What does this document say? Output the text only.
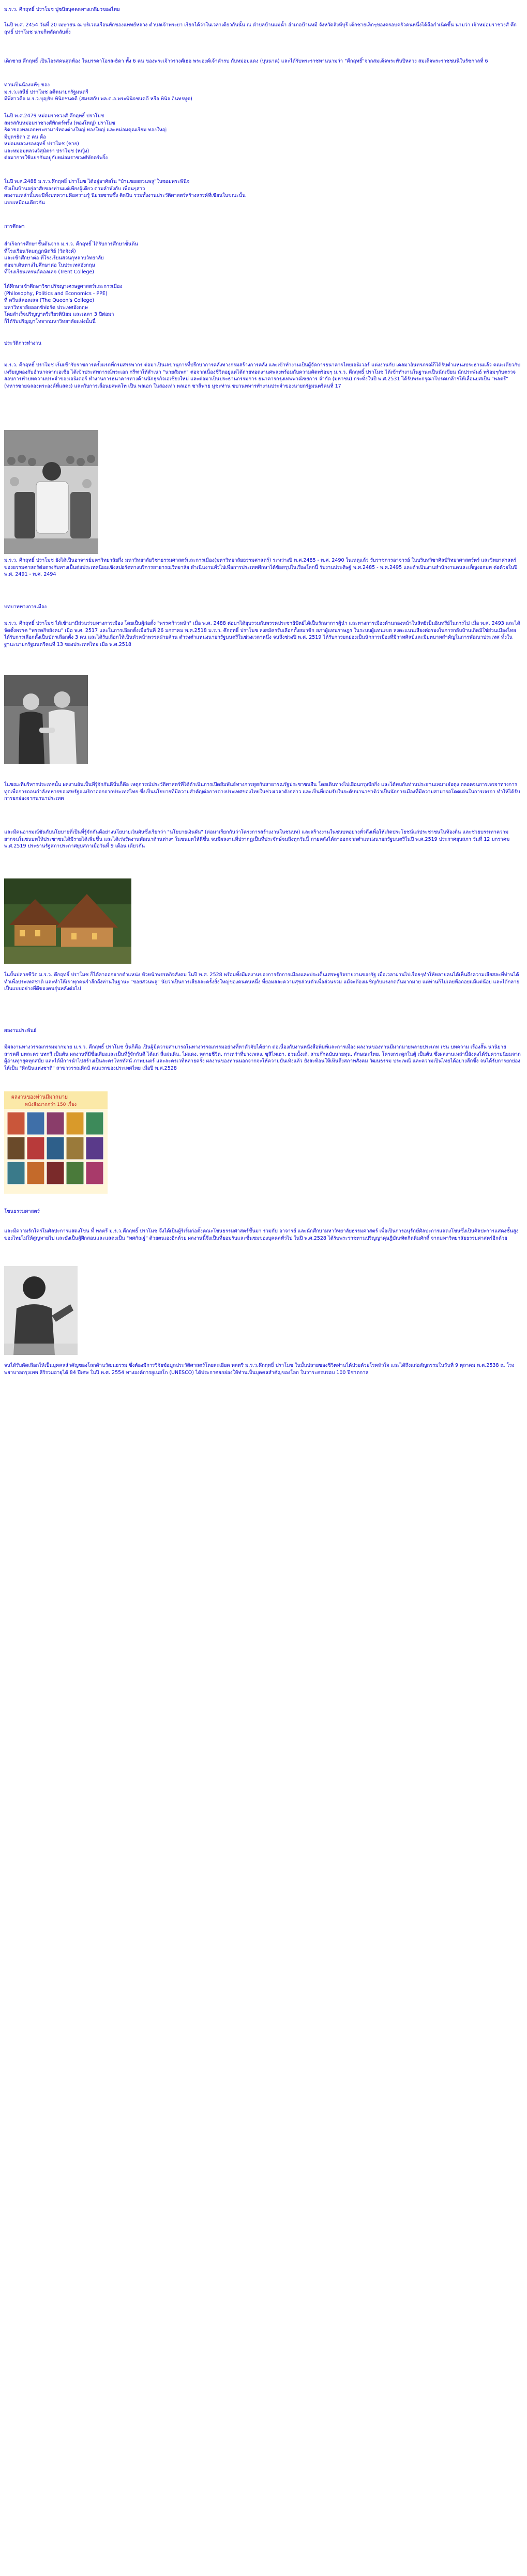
ม.ร.ว. คึกฤทธิ์ ปราโมช ปูชนียบุคคลทางเกลียวของไทย

ในปี พ.ศ. 2454 วันที่ 20 เมษายน ณ บริเวณเรือนพักของแพทย์หลวง ตำบลเจ้าพระยา เรียกได้ว่าในเวลาเดียวกันนั้น ณ ตำบลบ้านแม่น้ำ อำเภอบ้านหมี จังหวัดสิงห์บุรี เด็กชายเล็กๆของครอบครัวคนหนึ่งได้ถือกำเนิดขึ้น นามว่า เจ้าหม่อมราชวงศ์ คึกฤทธิ์ ปราโมช นามก็พลัดกลับตั้ง

เด็กชาย คึกฤทธิ์ เป็นโอรสคนสุดท้อง ในบรรดาโอรส-ธิดา ทั้ง 6 คน ของพระเจ้าวรวงศ์เธอ พระองค์เจ้าคำรบ กับหม่อมแดง (บุนนาค) และได้รับพระราชทานนามว่า "คึกฤทธิ์"จากสมเด็จพระพันปีหลวง สมเด็จพระราชชนนีในรัชกาลที่ 6

ทานเป็นน้องแท้ๆ ของ
ม.ร.ว.เสนีย์ ปราโมช อดีตนายกรัฐมนตรี
มีพี่สาวคือ ม.ร.ว.บุญรับ พินิจชนคดี (สมรสกับ พล.ต.อ.พระพินิจชนคดี หรือ พินิจ อินทรทูต)
ในปี พ.ศ.2479 หม่อมราชวงศ์ คึกฤทธิ์ ปราโมช
สมรสกับหม่อมราชวงศ์พักตร์พริ้ง (ทองใหญ่) ปราโมช
ธิดาของพลเอกพระยามาร์ทองต่างใหญ่ ทองใหญ่ และหม่อมคุณเรียม ทองใหญ่
มีบุตรธิดา 2 คน คือ
หม่อมหลวงรองฤทธิ์ ปราโมช (ชาย)
และหม่อมหลวงวิสุมิตรา ปราโมช (หญิง)
ต่อมาการใช้แยกกันอยู่กับหม่อมราชวงศ์พักตร์พริ้ง
ในปี พ.ศ.2488 ม.ร.ว.คึกฤทธิ์ ปราโมช ได้อยู่อาศัยใน "บ้านซอยสวนพลู"ในซอยพระพินิจ
ซึ่งเป็นบ้านอยู่อาศัยของท่านแต่เพียงผู้เดียว ตามลำพังกับ เพื่อนๆสาว
ผลงานเหล่านั้นจะมีทั้งบทความคือความรู้ นิยายซาบซึ้ง ศิลปิน รวมทั้งงานประวัติศาสตร์สร้างสรรค์ที่เขียนในขณะนั้น
แบบเหมือนเดียวกัน

การศึกษา

สำเร็จการศึกษาชั้นต้นจาก ม.ร.ว. คึกฤทธิ์ ได้รับการศึกษาชั้นต้น
ที่โรงเรียนวัดมกุฎกษัตริย์ (วัดจังค์)
และเข้าศึกษาต่อ ที่โรงเรียนสวนกุหลาบวิทยาลัย
ต่อมาเดินทางไปศึกษาต่อ ในประเทศอังกฤษ
ที่โรงเรียนเทรนต์คอลเลจ (Trent College)
ได้ศึกษาเข้าศึกษาวิชาปรัชญาเศรษฐศาสตร์และการเมือง
(Philosophy, Politics and Economics - PPE)
ที่ ควีนส์คอลเลจ (The Queen's College)
มหาวิทยาลัยออกซ์ฟอร์ด ประเทศอังกฤษ
โดยสำเร็จปริญญาตรีเกียรตินิยม และเฉลา 3 ปีต่อมา
ก็ได้รับปริญญาโทจากมหาวิทยาลัยแห่งนั้นนี้

ประวัติการทำงาน

ม.ร.ว. คึกฤทธิ์ ปราโมช เริ่มเข้ารับราชการครั้งแรกที่กรมสรรพากร ต่อมาเป็นเลขานุการที่ปรึกษาการคลังทางกรมสร้างการคลัง และเข้าทำงานเป็นผู้จัดการธนาคารไทยเอนิเวอร์ แต่งงานกับ เดลมาอินทรภรณ์ก็ได้รับตำแหน่งประธานแล้ว คณะเดียวกับเหรียญทองกับอำนาจจากเอเชีย ได้เข้าประสพการณ์พระเอก กรีฑาให้สำเนา "นายสัมพก" ต่อจากเนื่องชีวิตอยู่แต่ได้ถ่ายทอดงานศพลงพร้อมกับความคิดพร้อมๆ ม.ร.ว. คึกฤทธิ์ ปราโมช ได้เข้าทำงานในฐานะเป็นนักเขียน นักประพันธ์ พร้อมๆกับตรวจสอบการทำบทความประจำของเอนิเดอร์ ทำงานการธนาคารทางด้านนักธุรกิจเอเชียงใหม่ และต่อมาเป็นประธานกรรมการ ธนาคารกรุงเทพพาณิชยการ จำกัด (มหาชน) กระทั่งในปี พ.ศ.2531 ได้รับพระกรุณาโปรดเกล้าฯให้เลื่อนยศเป็น "พลตรี"(ทหารชายฉลองพระองค์ที่แสดง) และกับการเลื่อนยศพลโท เป็น พลเอก ในสองเท่า พลเอก ซาลีฟาย มูชะท่าน ขบวนทหารทำงานประจำของนายกรัฐมนตรีคนที่ 17

ม.ร.ว. คึกฤทธิ์ ปราโมช ยังได้เป็นอาจารย์มหาวิทยาลัยกึ่ง มหาวิทยาลัยวิชาธรรมศาสตร์และการเมือง(มหาวิทยาลัยธรรมศาสตร์) ระหว่างปี พ.ศ.2485 - พ.ศ. 2490 ในเหตุแล้ว รับราชการอาจารย์ ในบริบทวิชาศิลป์วิทยาศาสตร์ตร์ และวิทยาศาสตร์ของธรรมศาสตร์ต่อตรงกับทางเป็นต่อประเทศนิยมเชิงสปอร์ตทางบริการสาธารณวิทยาลัย ดำเนินงานทั่วไปเพื่อการประเทศศึกษาได้ข้อสรุปในเรื่องโลกนี้ รับงานประดิษฐ์ พ.ศ.2485 - พ.ศ.2495 และดำเนินงานสำนักงานคนละเพ็ญงอกบท ต่อด้วยในปี พ.ศ. 2491 - พ.ศ. 2494

บทบาททางการเมือง

ม.ร.ว. คึกฤทธิ์ ปราโมช ได้เข้ามามีส่วนร่วมทางการเมือง โดยเป็นผู้ก่อตั้ง "พรรคก้าวหน้า" เมื่อ พ.ศ. 2488 ต่อมาได้ยุบรวมกับพรรคประชาธิปัตย์ได้เป็นรักษาการผู้นำ และทางการเมืองด้านกองหน้าในสิทธิเป็นอินทรีย์ในการไป เมื่อ พ.ศ. 2493 และได้จัดตั้งพรรค "พรรคกิจสังคม" เมื่อ พ.ศ. 2517 และในการเลือกตั้งเมื่อวันที่ 26 มกราคม พ.ศ.2518 ม.ร.ว. คึกฤทธิ์ ปราโมช ลงสมัครรับเลือกตั้งสมาชิก สภาผู้แทนราษฎร ในระบบผู้แทนเขต ลงคะแนนเสียงต่อรองในการกลับบ้านเกิดมิใช่ส่วนเมืองไทย ได้รับการเลือกตั้งเป็นบัตรเลือกตั้ง 3 คน และได้รับเลือกให้เป็นหัวหน้าพรรคฝ่ายค้าน ดำรงตำแหน่งนายกรัฐมนตรีในช่วงเวลาหนึ่ง จนถึงช่วงปี พ.ศ. 2519 ได้รับการยกย่องเป็นนักการเมืองที่มีวาทศิลป์และมีบทบาทสำคัญในการพัฒนาประเทศ ทั้งในฐานะนายกรัฐมนตรีคนที่ 13 ของประเทศไทย เมื่อ พ.ศ.2518

ในขณะที่บริหารประเทศนั้น ผลงานอันเป็นที่รู้จักกันดีนั่นก็คือ เหตุการณ์ประวัติศาสตร์ที่ได้ดำเนินการเปิดสัมพันธ์ทางการทูตกับสาธารณรัฐประชาชนจีน โดยเดินทางไปเยือนกรุงปักกิ่ง และได้พบกับท่านประธานเหมาเจ๋อตุง ตลอดจนการเจรจาทางการทูตเพื่อการถอนกำลังทหารของสหรัฐอเมริกาออกจากประเทศไทย ซึ่งเป็นนโยบายที่มีความสำคัญต่อการต่างประเทศของไทยในช่วงเวลาดังกล่าว และเป็นที่ยอมรับในระดับนานาชาติว่าเป็นนักการเมืองที่มีความสามารถโดดเด่นในการเจรจา ทำให้ได้รับการยกย่องจากนานาประเทศ

และมีคนอารมณ์ขันกับนโยบายที่เป็นที่รู้จักกันดีอย่างนโยบายเงินผันซึ่งเรียกว่า "นโยบายเงินผัน" (ต่อมาเรียกกันว่าโครงการสร้างงานในชนบท) และสร้างงานในชนบทอย่างทั่วถึงเพื่อให้เกิดประโยชน์แก่ประชาชนในท้องถิ่น และช่วยบรรเทาความยากจนในชนบทให้ประชาชนได้มีรายได้เพิ่มขึ้น และได้เร่งรัดงานพัฒนาด้านต่างๆ ในชนบทให้ดีขึ้น จนมีผลงานที่ปรากฏเป็นที่ประจักษ์จนถึงทุกวันนี้ ภายหลังได้ลาออกจากตำแหน่งนายกรัฐมนตรีในปี พ.ศ.2519 ประกาศยุบสภา วันที่ 12 มกราคม พ.ศ.2519 ประธานรัฐสภาประกาศยุบสภาเมื่อวันที่ 9 เดือน เดียวกัน

ในบั้นปลายชีวิต ม.ร.ว. คึกฤทธิ์ ปราโมช ก็ได้ลาออกจากตำแหน่ง หัวหน้าพรรคกิจสังคม ในปี พ.ศ. 2528 พร้อมทั้งมีผลงานของการรักการเมืองและประเด็นเศรษฐกิจรายงานของรัฐ เมื่อเวลาผ่านไปเรื่อยๆทำให้หลายคนได้เห็นถึงความเสียสละที่ท่านได้ทำเพื่อประเทศชาติ และทำให้เราทุกคนรำลึกถึงท่านในฐานะ "ซอยสวนพลู" นับว่าเป็นการเสียสละครั้งยิ่งใหญ่ของคนคนหนึ่ง ที่ยอมสละความสุขส่วนตัวเพื่อส่วนรวม แม้จะต้องเผชิญกับแรงกดดันมากมาย แต่ท่านก็ไม่เคยท้อถอยแม้แต่น้อย และได้กลายเป็นแบบอย่างที่ดีของคนรุ่นหลังต่อไป

ผลงานประพันธ์

มีผลงานทางวรรณกรรมมากมาย ม.ร.ว. คึกฤทธิ์ ปราโมช นั้นก็คือ เป็นผู้มีความสามารถในทางวรรณกรรมอย่างที่หาตัวจับได้ยาก ต่อเนื่องกับงานหนังสือพิมพ์และการเมือง ผลงานของท่านมีมากมายหลายประเภท เช่น บทความ เรื่องสั้น นวนิยาย สารคดี บทละคร บทกวี เป็นต้น ผลงานที่มีชื่อเสียงและเป็นที่รู้จักกันดี ได้แก่ สี่แผ่นดิน, ไผ่แดง, หลายชีวิต, กาเหว่าที่บางเพลง, ซูสีไทเฮา, ฮวนนั้งเต้, สามก๊กฉบับนายทุน, ลักษณะไทย, โครงกระดูกในตู้ เป็นต้น ซึ่งผลงานเหล่านี้ยังคงได้รับความนิยมจากผู้อ่านทุกยุคทุกสมัย และได้มีการนำไปสร้างเป็นละครโทรทัศน์ ภาพยนตร์ และละครเวทีหลายครั้ง ผลงานของท่านนอกจากจะให้ความบันเทิงแล้ว ยังสะท้อนให้เห็นถึงสภาพสังคม วัฒนธรรม ประเพณี และความเป็นไทยได้อย่างลึกซึ้ง จนได้รับการยกย่องให้เป็น "ศิลปินแห่งชาติ" สาขาวรรณศิลป์ คนแรกของประเทศไทย เมื่อปี พ.ศ.2528

ผลงานของท่านมีมากมาย
หนังสือมากกว่า 150 เรื่อง

โขนธรรมศาสตร์

และมีความรักใคร่ในศิลปะการแสดงโขน ที่ พลตรี ม.ร.ว.คึกฤทธิ์ ปราโมช จึงได้เป็นผู้ริเริ่มก่อตั้งคณะโขนธรรมศาสตร์ขึ้นมา ร่วมกับ อาจารย์ และนักศึกษามหาวิทยาลัยธรรมศาสตร์ เพื่อเป็นการอนุรักษ์ศิลปะการแสดงโขนซึ่งเป็นศิลปะการแสดงชั้นสูงของไทยไม่ให้สูญหายไป และยังเป็นผู้ฝึกสอนและแสดงเป็น "ทศกัณฐ์" ด้วยตนเองอีกด้วย ผลงานนี้จึงเป็นที่ยอมรับและชื่นชมของบุคคลทั่วไป ในปี พ.ศ.2528 ได้รับพระราชทานปริญญาดุษฎีบัณฑิตกิตติมศักดิ์ จากมหาวิทยาลัยธรรมศาสตร์อีกด้วย

จนได้รับคัดเลือกให้เป็นบุคคลสำคัญของโลกด้านวัฒนธรรม ซึ่งต้องมีการวิจัยข้อมูลประวัติศาสตร์โดยละเอียด พลตรี ม.ร.ว.คึกฤทธิ์ ปราโมช ในบั้นปลายของชีวิตท่านได้ป่วยด้วยโรคหัวใจ และได้ถึงแก่อสัญกรรมในวันที่ 9 ตุลาคม พ.ศ.2538 ณ โรงพยาบาลกรุงเทพ สิริรวมอายุได้ 84 ปีเศษ ในปี พ.ศ. 2554 ทางองค์การยูเนสโก (UNESCO) ได้ประกาศยกย่องให้ท่านเป็นบุคคลสำคัญของโลก ในวาระครบรอบ 100 ปีชาตกาล
